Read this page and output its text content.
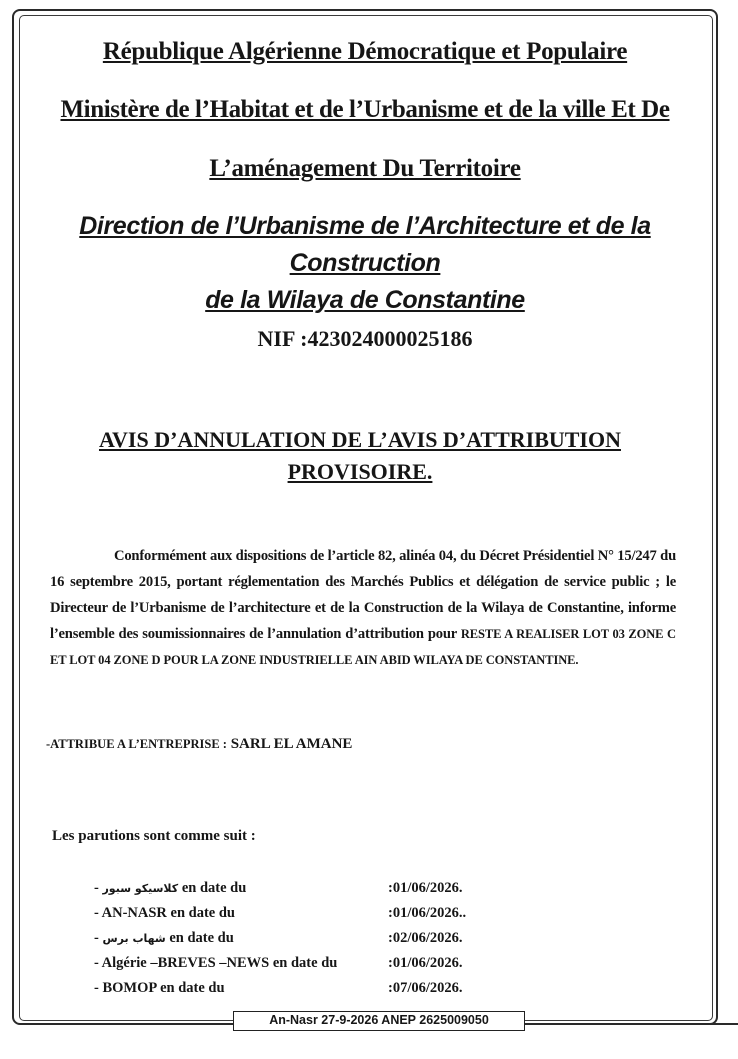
République Algérienne Démocratique et Populaire
Ministère de l’Habitat et de l’Urbanisme et de la ville Et De
L’aménagement Du Territoire
Direction de l’Urbanisme de l’Architecture et de la
Construction
de la Wilaya de Constantine
NIF :423024000025186
AVIS D’ANNULATION DE L’AVIS D’ATTRIBUTION
PROVISOIRE.
Conformément aux dispositions de l’article 82, alinéa 04, du Décret Présidentiel N° 15/247 du 16 septembre 2015, portant réglementation des Marchés Publics et délégation de service public ; le Directeur de l’Urbanisme de l’architecture et de la Construction de la Wilaya de Constantine, informe l’ensemble des soumissionnaires de l’annulation d’attribution pour RESTE A REALISER LOT 03 ZONE C ET LOT 04 ZONE D POUR LA ZONE INDUSTRIELLE AIN ABID WILAYA DE CONSTANTINE.
-ATTRIBUE A L’ENTREPRISE : SARL EL AMANE
Les parutions sont comme suit :
- كلاسيكو سبور en date du	:01/06/2026.
- AN-NASR en date du	:01/06/2026..
- شهاب برس en date du	:02/06/2026.
- Algérie –BREVES –NEWS en date du	:01/06/2026.
- BOMOP en date du	:07/06/2026.
An-Nasr 27-9-2026 ANEP 2625009050
